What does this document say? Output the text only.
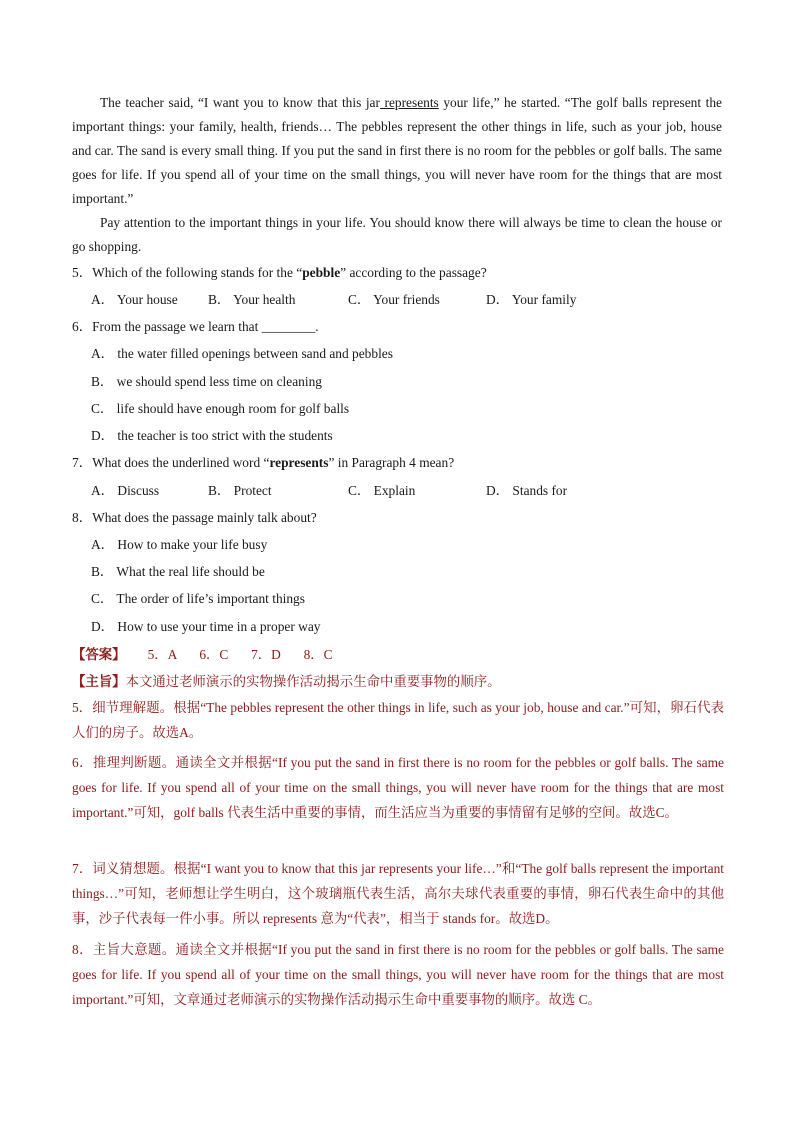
The teacher said, “I want you to know that this jar represents your life,” he started. “The golf balls represent the important things: your family, health, friends… The pebbles represent the other things in life, such as your job, house and car. The sand is every small thing. If you put the sand in first there is no room for the pebbles or golf balls. The same goes for life. If you spend all of your time on the small things, you will never have room for the things that are most important.”
Pay attention to the important things in your life. You should know there will always be time to clean the house or go shopping.
5．Which of the following stands for the “pebble” according to the passage?
A． Your house B． Your health	C． Your friends	D． Your family
6．From the passage we learn that ________.
A． the water filled openings between sand and pebbles
B． we should spend less time on cleaning
C． life should have enough room for golf balls
D． the teacher is too strict with the students
7．What does the underlined word “represents” in Paragraph 4 mean?
A． Discuss	B． Protect	C． Explain	D． Stands for
8．What does the passage mainly talk about?
A． How to make your life busy
B． What the real life should be
C． The order of life’s important things
D． How to use your time in a proper way
【答案】 5．A　 6．C　 7．D　 8．C
【主旨】本文通过老师演示的实物操作活动揭示生命中重要事物的顺序。
5．细节理解题。根据“The pebbles represent the other things in life, such as your job, house and car.”可知，卵石代表人们的房子。故选A。
6．推理判断题。通读全文并根据“If you put the sand in first there is no room for the pebbles or golf balls. The same goes for life. If you spend all of your time on the small things, you will never have room for the things that are most important.”可知，golf balls 代表生活中重要的事情，而生活应当为重要的事情留有足够的空间。故选C。
7．词义猜想题。根据“I want you to know that this jar represents your life…”和“The golf balls represent the important things…”可知，老师想让学生明白，这个玻璃瓶代表生活，高尔夫球代表重要的事情，卵石代表生命中的其他事，沙子代表每一件小事。所以 represents 意为“代表”，相当于 stands for。故选D。
8．主旨大意题。通读全文并根据“If you put the sand in first there is no room for the pebbles or golf balls. The same goes for life. If you spend all of your time on the small things, you will never have room for the things that are most important.”可知，文章通过老师演示的实物操作活动揭示生命中重要事物的顺序。故选 C。
